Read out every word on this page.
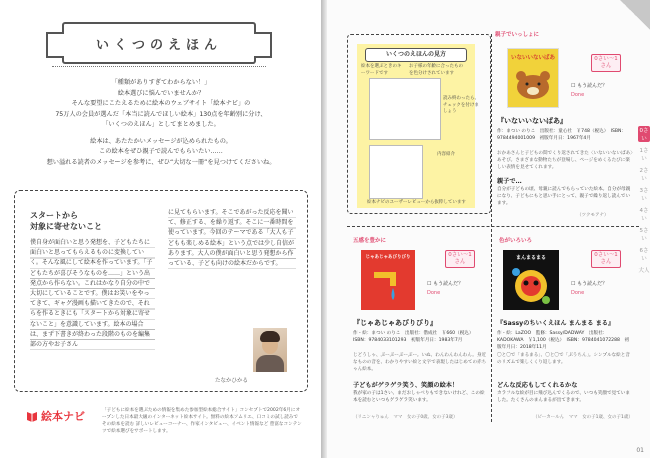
いくつのえほん

「種類がありすぎてわからない！」

絵本選びに悩んでいませんか？

そんな要望にこたえるために絵本のウェブサイト「絵本ナビ」の

75万人の会員が選んだ「本当に読んでほしい絵本」130点を年齢別に分け、

「いくつのえほん」としてまとめました。

絵本は、あたたかいメッセージが込められたもの。

この絵本をぜひ親子で読んでもらいたい……

想い溢れる読者のメッセージを参考に、ぜひ“大切な一冊”を見つけてくださいね。

スタートから
対象に寄せないこと

僕自身が面白いと思う発想を、子どもたちに面白いと思ってもらえるものに変換していく。そんな風にして絵本を作っています。「子どもたちが喜びそうなものを……」という出発点から作らない。これはかなり自分の中で大切にしていることです。僕はお笑いをやってきて、ギャグ漫画も描いてきたので、それらを作るときにも「スタートから対象に寄せないこと」を意識しています。絵本の場合は、まず下書きが終わった段階のものを編集部の方やお子さん

に見てもらいます。そこであがった反応を聞いて、修正する、を繰り返す。そこに一番時間を使っています。今回のテーマである「大人も子どもも楽しめる絵本」という点では少し自信があります。大人の僕が面白いと思う発想から作っている、子ども向けの絵本だからです。

たなかひかる
絵本ナビ	「子どもに絵本を選ぶための情報を集めた参加型絵本総合サイト」コンセプトで2002年6月にオープンした日本最大級のインターネット絵本サイト。無料の絵本ソムリエ、口コミの試し読みでその絵本を読む 詳しいレビューコーナー、作家インタビュー、イベント情報など 豊富なコンテンツで絵本選びをサポートします。
いくつのえほんの見方
絵本を選ぶときのキーワードです
お子様の年齢に合ったものを色分けされています
読み終わったら、チェックを付けましょう
内容紹介
絵本ナビのユーザーレビューから抜粋しています
親子でいっしょに
いないいないばあ	0さい〜1さん
☐ もう読んだ？
Done
『いないいないばあ』
作：まつい のりこ　出版社：童心社　￥748（税込）　ISBN：9784494001009　初版年月日：1967年4月
おかあさんと子どもの間でくり返されてきた〈いないいないばあ〉あそび。さまざまな動物たちが登場し、ページをめくるたびに楽しい表情を見せてくれます。
親子で…
自分が子どもの頃、母親に読んでもらっていた絵本。自分が母親になり、子どもにもと思い手にとって、親子で繰り返し読んでいます。
（ツクモアナ）
五感を豊かに
じゃあじゃあびりびり	0さい〜1さん
☐ もう読んだ？
Done
『じゃあじゃあびりびり』
作・絵：まつい のりこ　出版社：偕成社　￥660（税込）　ISBN：9784033101293　初版年月日：1983年7月
じどうしゃ、ぶーぶーぶーぶー。いぬ、わんわんわんわん。身近なものの音を、わかりやすい絵と文字で表現したはじめての赤ちゃん絵本。
子どもがゲラゲラ笑う、笑顔の絵本！
我が家の子は1さい、まだおしゃべりもできないけれど、この絵本を読むといつもゲラゲラ笑います。
（リニンャりゅん　ママ　女の子0歳、女の子3歳）
色がいろいろ
まんまるまる	0さい〜1さん
☐ もう読んだ？
Done
『Sassyのちいくえほん まんまる まる』
作・絵：LaZOO　監修：Sassy/DADWAY　出版社：KADOKAWA　￥1,100（税込）　ISBN：9784041072288　初版年月日：2018年11月
〇と〇で「まるまる」、〇と〇で「ぶうちん」。シンプルな絵と音のリズムで楽しくくり返します。
どんな反応もしてくれるかな
カラフルな絵が目に飛び込んでくるので、いつも笑顔で見ていました。たくさんのまんまるが出てきます。
（ピーカールん　ママ　女の子1歳、女の子1歳）
0さい
1さい
2さい
3さい
4さい
5さい
6さい
大人
01
